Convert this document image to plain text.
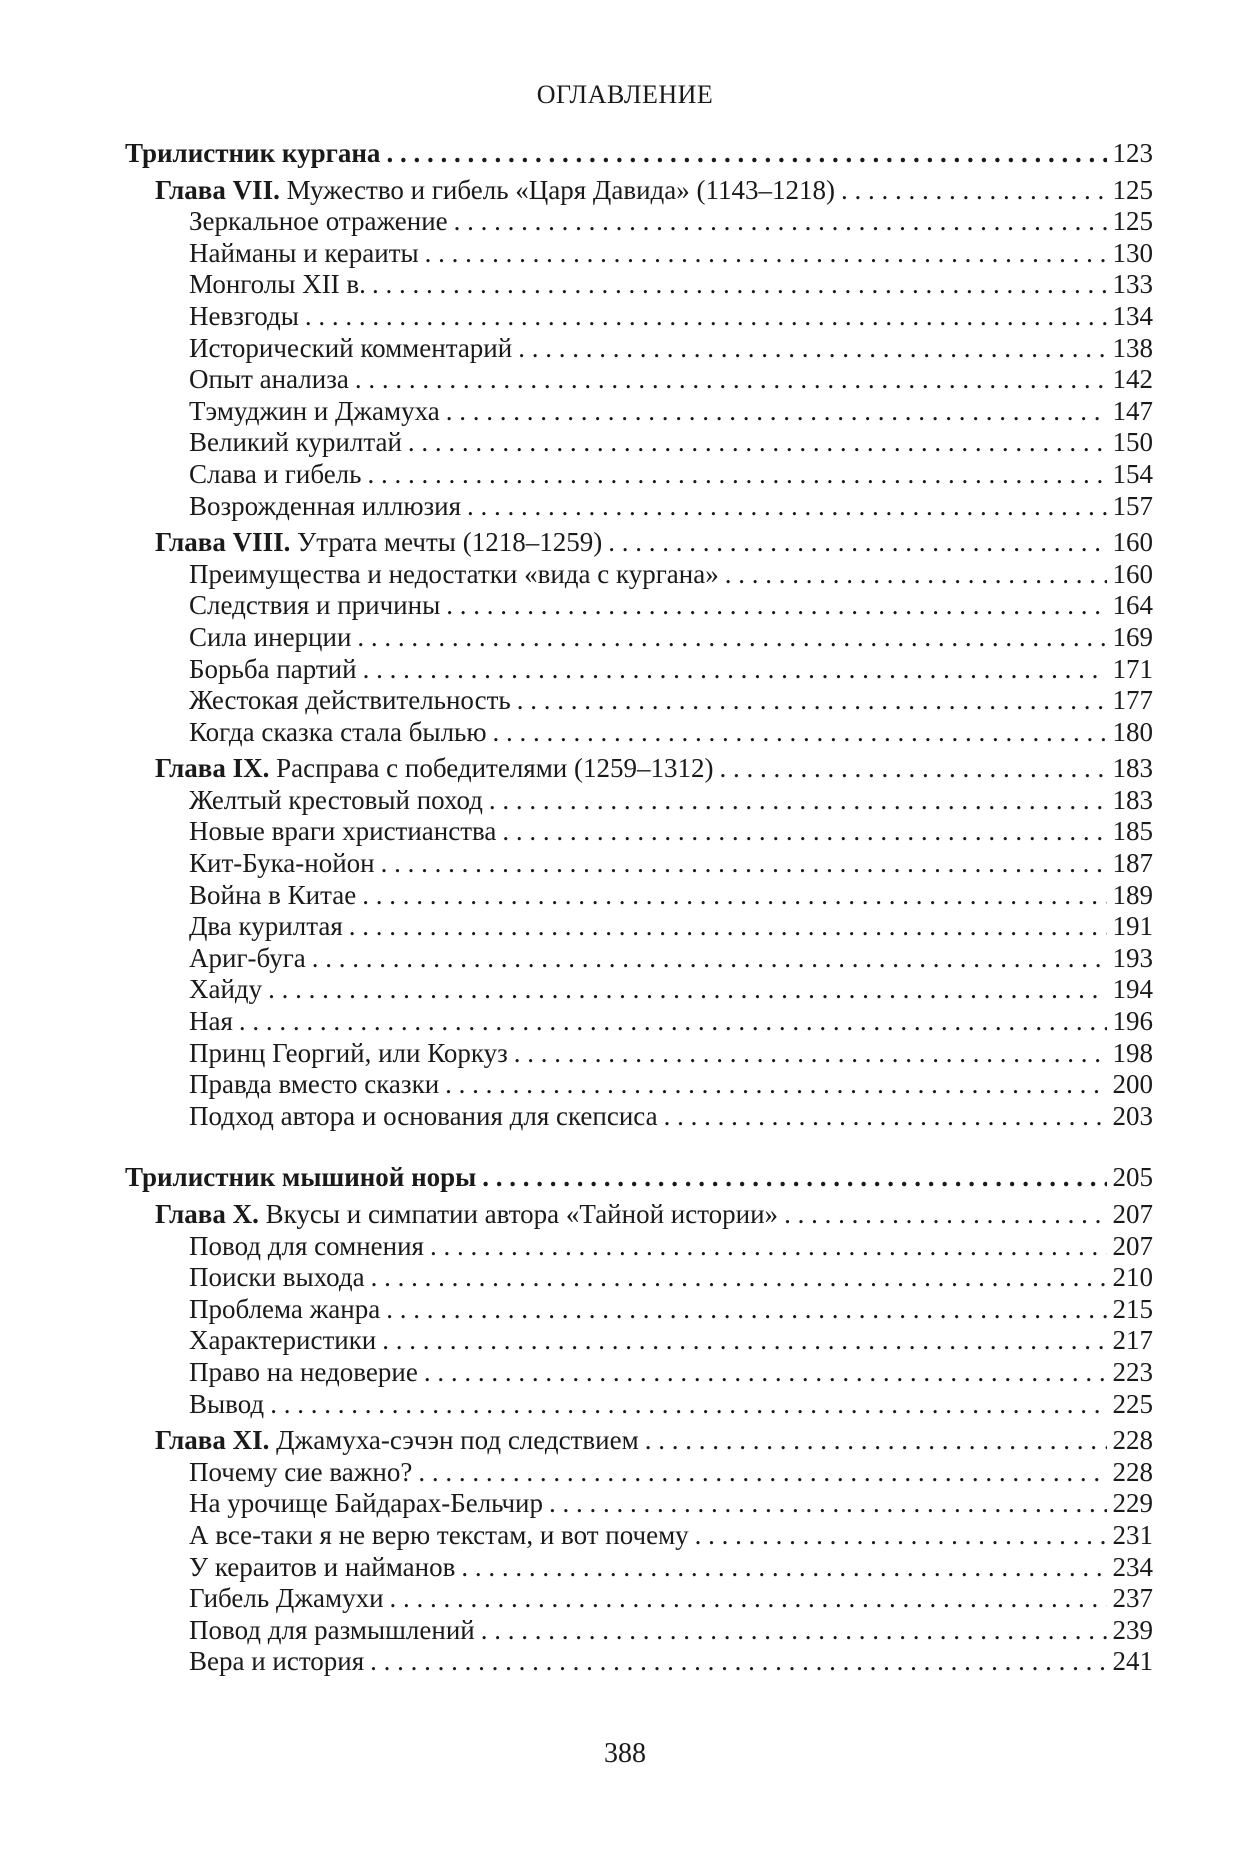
ОГЛАВЛЕНИЕ
Трилистник кургана . . .	123
Глава VII. Мужество и гибель «Царя Давида» (1143–1218) . . .	125
Зеркальное отражение . . .	125
Найманы и кераиты . . .	130
Монголы XII в. . . .	133
Невзгоды . . .	134
Исторический комментарий . . .	138
Опыт анализа . . .	142
Тэмуджин и Джамуха . . .	147
Великий курилтай . . .	150
Слава и гибель . . .	154
Возрожденная иллюзия . . .	157
Глава VIII. Утрата мечты (1218–1259) . . .	160
Преимущества и недостатки «вида с кургана» . . .	160
Следствия и причины . . .	164
Сила инерции . . .	169
Борьба партий . . .	171
Жестокая действительность . . .	177
Когда сказка стала былью . . .	180
Глава IX. Расправа с победителями (1259–1312) . . .	183
Желтый крестовый поход . . .	183
Новые враги христианства . . .	185
Кит-Бука-нойон . . .	187
Война в Китае . . .	189
Два курилтая . . .	191
Ариг-буга . . .	193
Хайду . . .	194
Ная . . .	196
Принц Георгий, или Коркуз . . .	198
Правда вместо сказки . . .	200
Подход автора и основания для скепсиса . . .	203
Трилистник мышиной норы . . .	205
Глава X. Вкусы и симпатии автора «Тайной истории» . . .	207
Повод для сомнения . . .	207
Поиски выхода . . .	210
Проблема жанра . . .	215
Характеристики . . .	217
Право на недоверие . . .	223
Вывод . . .	225
Глава XI. Джамуха-сэчэн под следствием . . .	228
Почему сие важно? . . .	228
На урочище Байдарах-Бельчир . . .	229
А все-таки я не верю текстам, и вот почему . . .	231
У кераитов и найманов . . .	234
Гибель Джамухи . . .	237
Повод для размышлений . . .	239
Вера и история . . .	241
388
